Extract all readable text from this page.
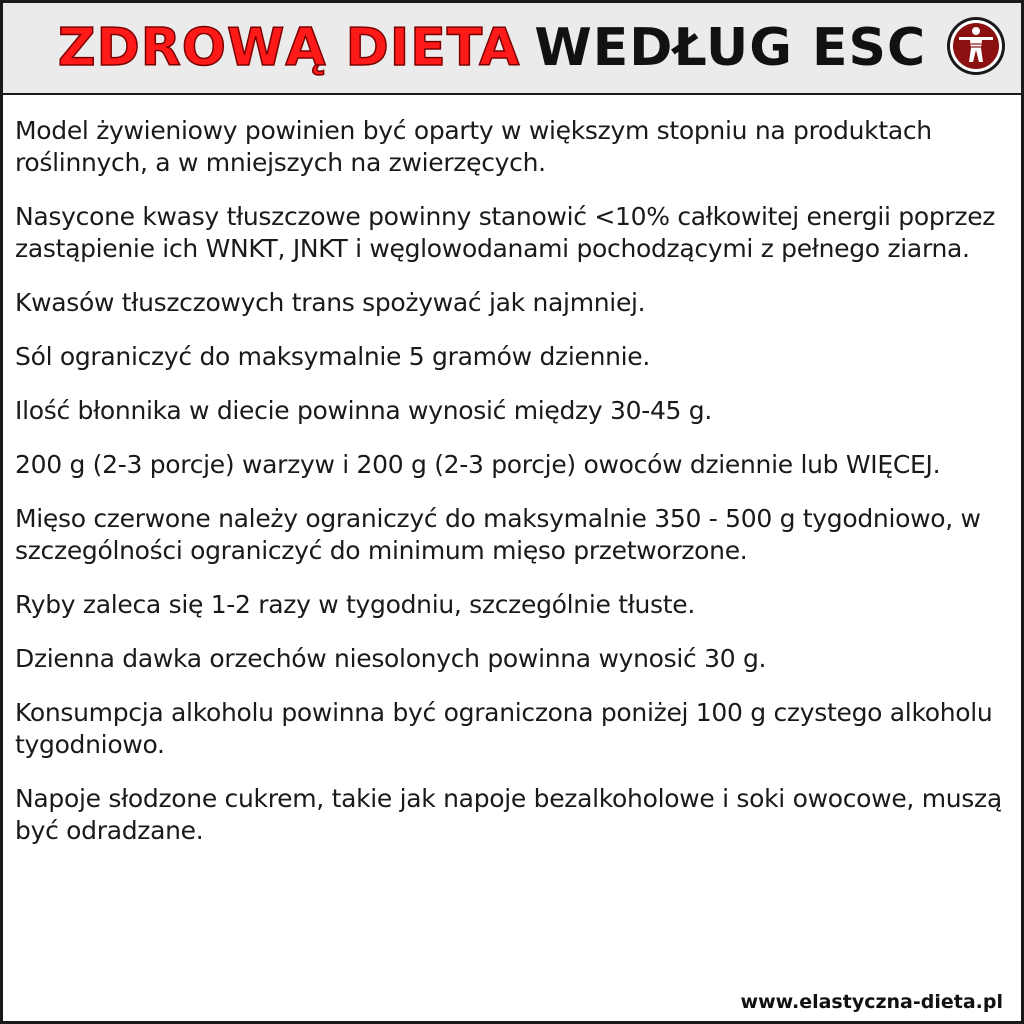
ZDROWĄ DIETA WEDŁUG ESC

Model żywieniowy powinien być oparty w większym stopniu na produktach roślinnych, a w mniejszych na zwierzęcych.

Nasycone kwasy tłuszczowe powinny stanowić <10% całkowitej energii poprzez zastąpienie ich WNKT, JNKT i węglowodanami pochodzącymi z pełnego ziarna.

Kwasów tłuszczowych trans spożywać jak najmniej.

Sól ograniczyć do maksymalnie 5 gramów dziennie.

Ilość błonnika w diecie powinna wynosić między 30-45 g.

200 g (2-3 porcje) warzyw i 200 g (2-3 porcje) owoców dziennie lub WIĘCEJ.

Mięso czerwone należy ograniczyć do maksymalnie 350 - 500 g tygodniowo, w szczególności ograniczyć do minimum mięso przetworzone.

Ryby zaleca się 1-2 razy w tygodniu, szczególnie tłuste.

Dzienna dawka orzechów niesolonych powinna wynosić 30 g.

Konsumpcja alkoholu powinna być ograniczona poniżej 100 g czystego alkoholu tygodniowo.

Napoje słodzone cukrem, takie jak napoje bezalkoholowe i soki owocowe, muszą być odradzane.

www.elastyczna-dieta.pl
